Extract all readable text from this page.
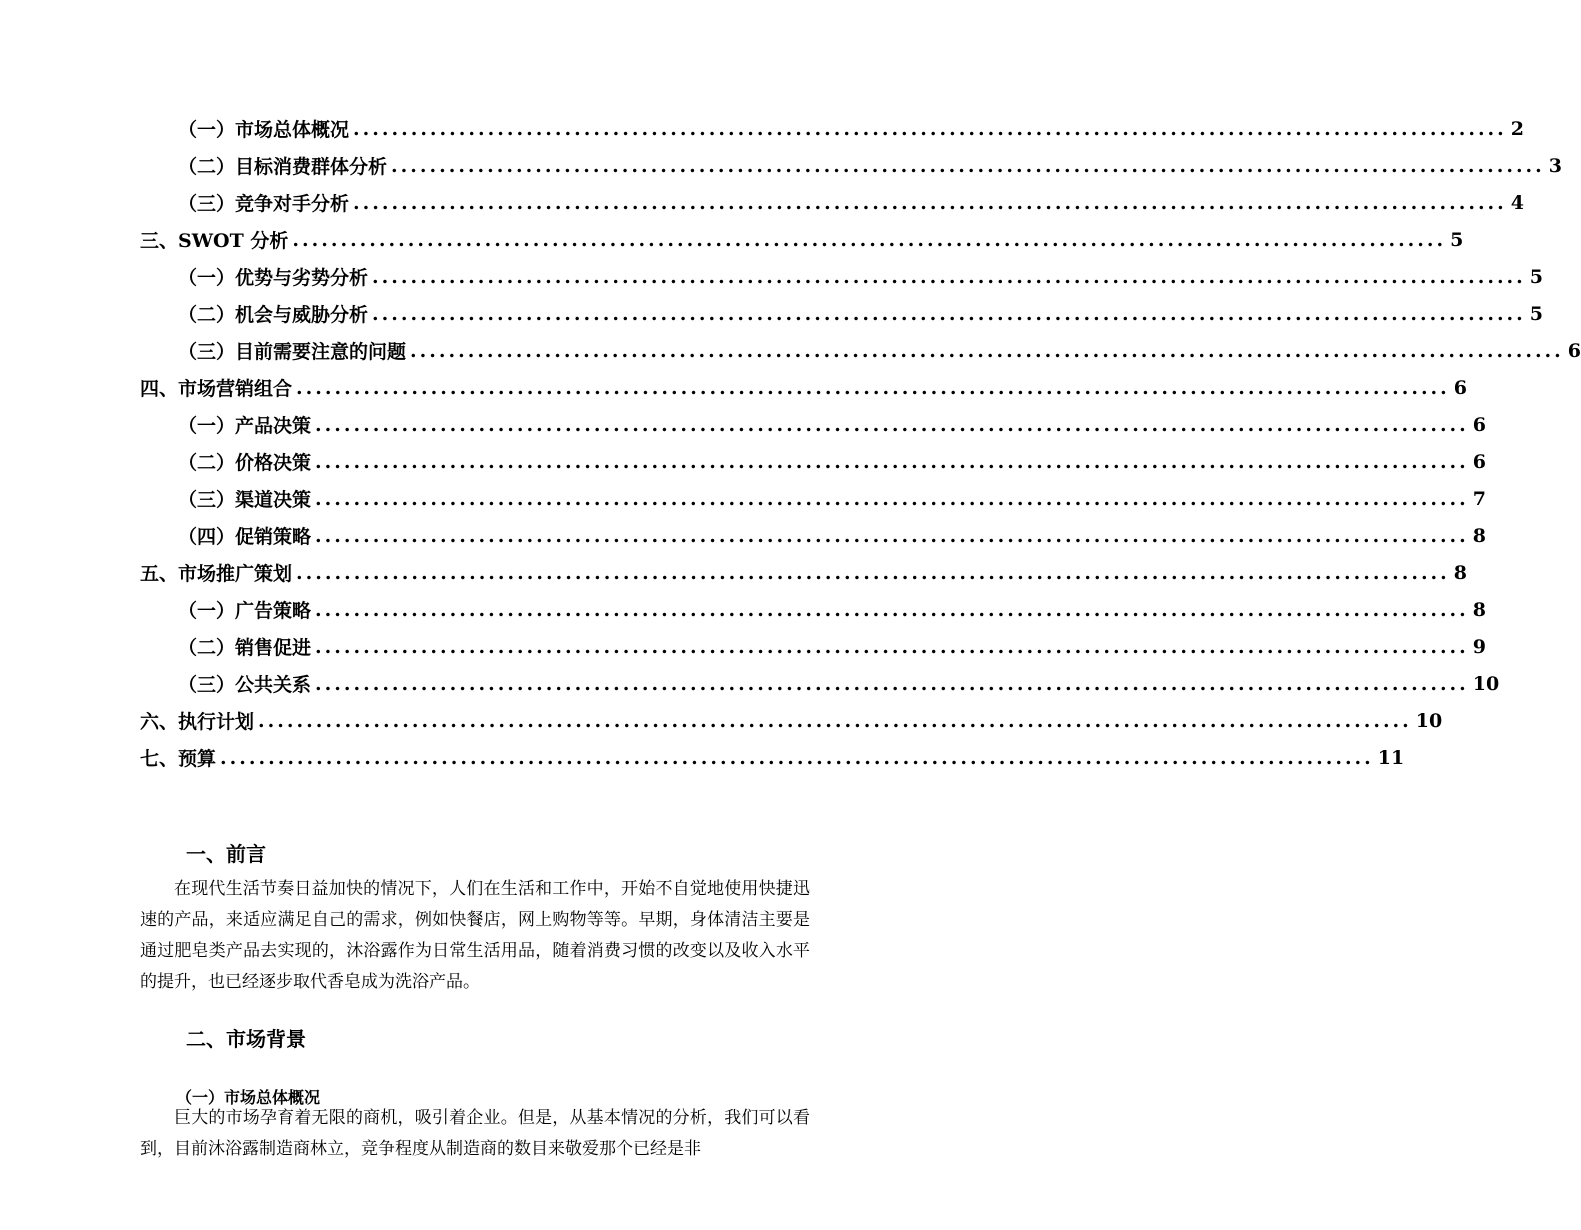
（一）市场总体概况 ........................................................................................................................ 2
（二）目标消费群体分析 ........................................................................................................................ 3
（三）竞争对手分析 ........................................................................................................................ 4
三、SWOT 分析 ........................................................................................................................ 5
（一）优势与劣势分析 ........................................................................................................................ 5
（二）机会与威胁分析 ........................................................................................................................ 5
（三）目前需要注意的问题 ........................................................................................................................ 6
四、市场营销组合 ........................................................................................................................ 6
（一）产品决策 ........................................................................................................................ 6
（二）价格决策 ........................................................................................................................ 6
（三）渠道决策 ........................................................................................................................ 7
（四）促销策略 ........................................................................................................................ 8
五、市场推广策划 ........................................................................................................................ 8
（一）广告策略 ........................................................................................................................ 8
（二）销售促进 ........................................................................................................................ 9
（三）公共关系 ........................................................................................................................ 10
六、执行计划 ........................................................................................................................ 10
七、预算 ........................................................................................................................ 11
一、前言

在现代生活节奏日益加快的情况下，人们在生活和工作中，开始不自觉地使用快捷迅速的产品，来适应满足自己的需求，例如快餐店，网上购物等等。早期，身体清洁主要是通过肥皂类产品去实现的，沐浴露作为日常生活用品，随着消费习惯的改变以及收入水平的提升，也已经逐步取代香皂成为洗浴产品。

二、市场背景
（一）市场总体概况

巨大的市场孕育着无限的商机，吸引着企业。但是，从基本情况的分析，我们可以看到，目前沐浴露制造商林立，竞争程度从制造商的数目来敬爱那个已经是非
